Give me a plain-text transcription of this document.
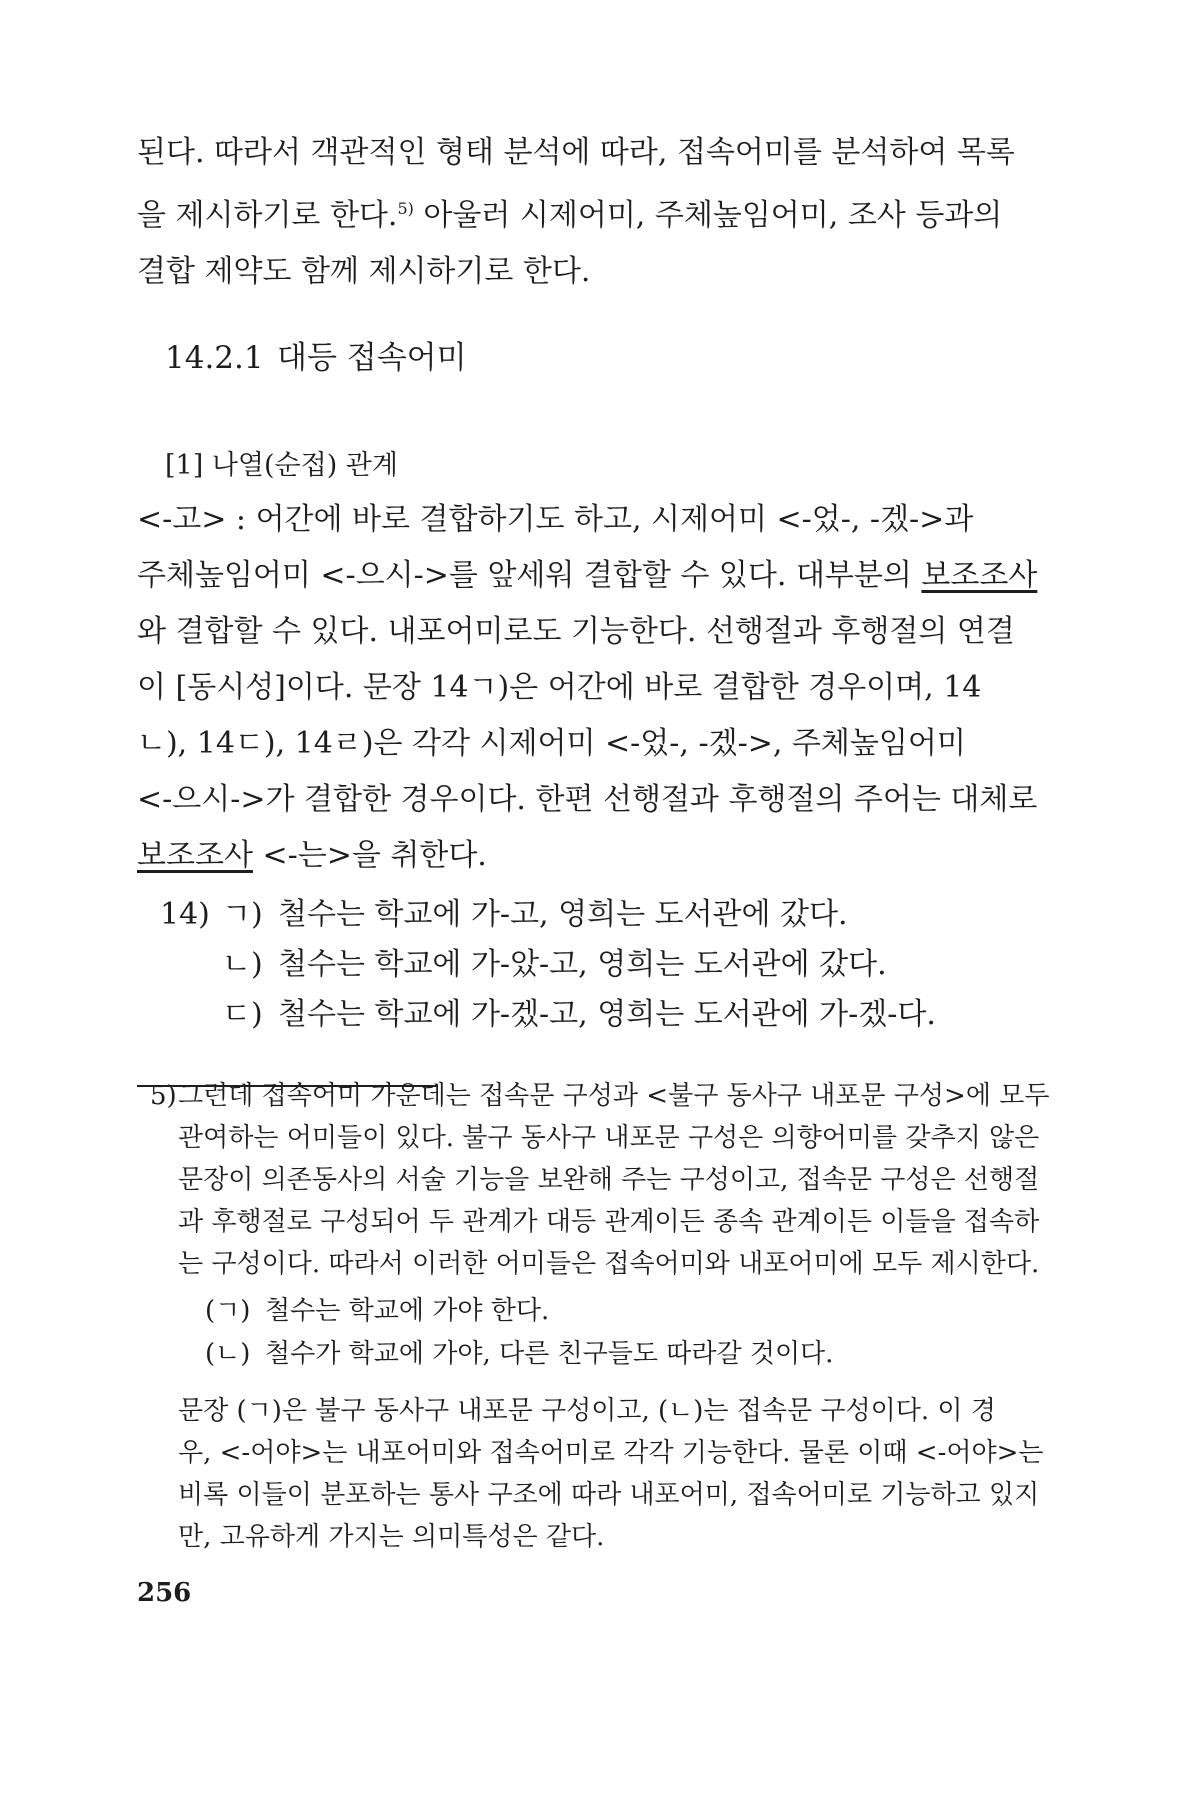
된다. 따라서 객관적인 형태 분석에 따라, 접속어미를 분석하여 목록
을 제시하기로 한다.$^{5)}$ 아울러 시제어미, 주체높임어미, 조사 등과의
결합 제약도 함께 제시하기로 한다.
14.2.1 대등 접속어미
[1] 나열(순접) 관계
<-고> : 어간에 바로 결합하기도 하고, 시제어미 <-었-, -겠->과
주체높임어미 <-으시->를 앞세워 결합할 수 있다. 대부분의 보조조사
와 결합할 수 있다. 내포어미로도 기능한다. 선행절과 후행절의 연결
이 [동시성]이다. 문장 14ㄱ)은 어간에 바로 결합한 경우이며, 14
ㄴ), 14ㄷ), 14ㄹ)은 각각 시제어미 <-었-, -겠->, 주체높임어미
<-으시->가 결합한 경우이다. 한편 선행절과 후행절의 주어는 대체로
보조조사 <-는>을 취한다.
14) ㄱ) 철수는 학교에 가-고, 영희는 도서관에 갔다.
ㄴ) 철수는 학교에 가-았-고, 영희는 도서관에 갔다.
ㄷ) 철수는 학교에 가-겠-고, 영희는 도서관에 가-겠-다.
5) 그런데 접속어미 가운데는 접속문 구성과 <불구 동사구 내포문 구성>에 모두
관여하는 어미들이 있다. 불구 동사구 내포문 구성은 의향어미를 갖추지 않은
문장이 의존동사의 서술 기능을 보완해 주는 구성이고, 접속문 구성은 선행절
과 후행절로 구성되어 두 관계가 대등 관계이든 종속 관계이든 이들을 접속하
는 구성이다. 따라서 이러한 어미들은 접속어미와 내포어미에 모두 제시한다.
(ㄱ) 철수는 학교에 가야 한다.
(ㄴ) 철수가 학교에 가야, 다른 친구들도 따라갈 것이다.
문장 (ㄱ)은 불구 동사구 내포문 구성이고, (ㄴ)는 접속문 구성이다. 이 경
우, <-어야>는 내포어미와 접속어미로 각각 기능한다. 물론 이때 <-어야>는
비록 이들이 분포하는 통사 구조에 따라 내포어미, 접속어미로 기능하고 있지
만, 고유하게 가지는 의미특성은 같다.
256
